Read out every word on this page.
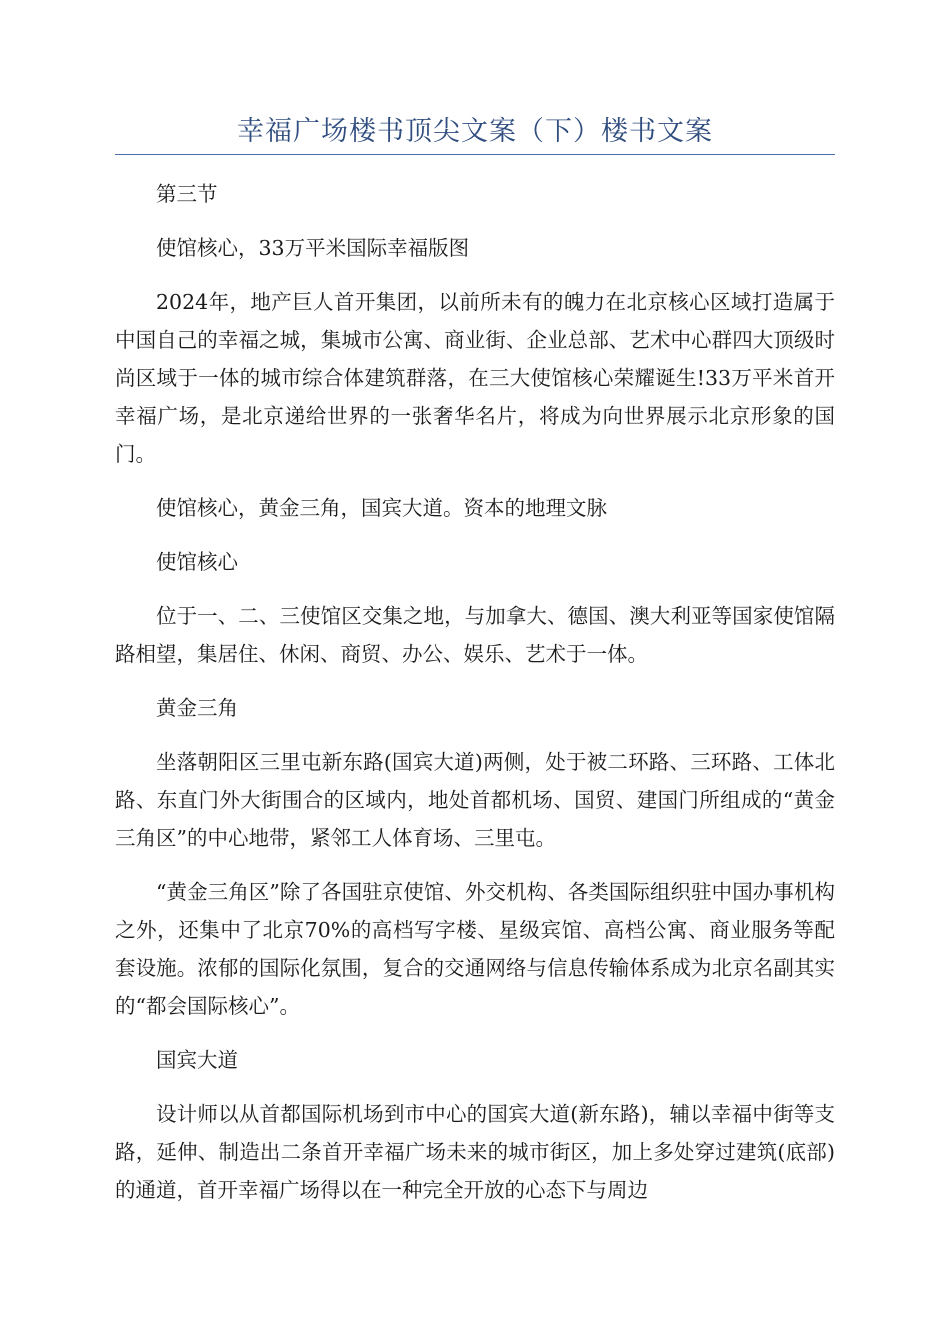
幸福广场楼书顶尖文案（下）楼书文案

第三节

使馆核心，33万平米国际幸福版图

2024年，地产巨人首开集团，以前所未有的魄力在北京核心区域打造属于中国自己的幸福之城，集城市公寓、商业街、企业总部、艺术中心群四大顶级时尚区域于一体的城市综合体建筑群落，在三大使馆核心荣耀诞生!33万平米首开幸福广场，是北京递给世界的一张奢华名片，将成为向世界展示北京形象的国门。

使馆核心，黄金三角，国宾大道。资本的地理文脉

使馆核心

位于一、二、三使馆区交集之地，与加拿大、德国、澳大利亚等国家使馆隔路相望，集居住、休闲、商贸、办公、娱乐、艺术于一体。

黄金三角

坐落朝阳区三里屯新东路(国宾大道)两侧，处于被二环路、三环路、工体北路、东直门外大街围合的区域内，地处首都机场、国贸、建国门所组成的“黄金三角区”的中心地带，紧邻工人体育场、三里屯。

“黄金三角区”除了各国驻京使馆、外交机构、各类国际组织驻中国办事机构之外，还集中了北京70%的高档写字楼、星级宾馆、高档公寓、商业服务等配套设施。浓郁的国际化氛围，复合的交通网络与信息传输体系成为北京名副其实的“都会国际核心”。

国宾大道

设计师以从首都国际机场到市中心的国宾大道(新东路)，辅以幸福中街等支路，延伸、制造出二条首开幸福广场未来的城市街区，加上多处穿过建筑(底部)的通道，首开幸福广场得以在一种完全开放的心态下与周边
